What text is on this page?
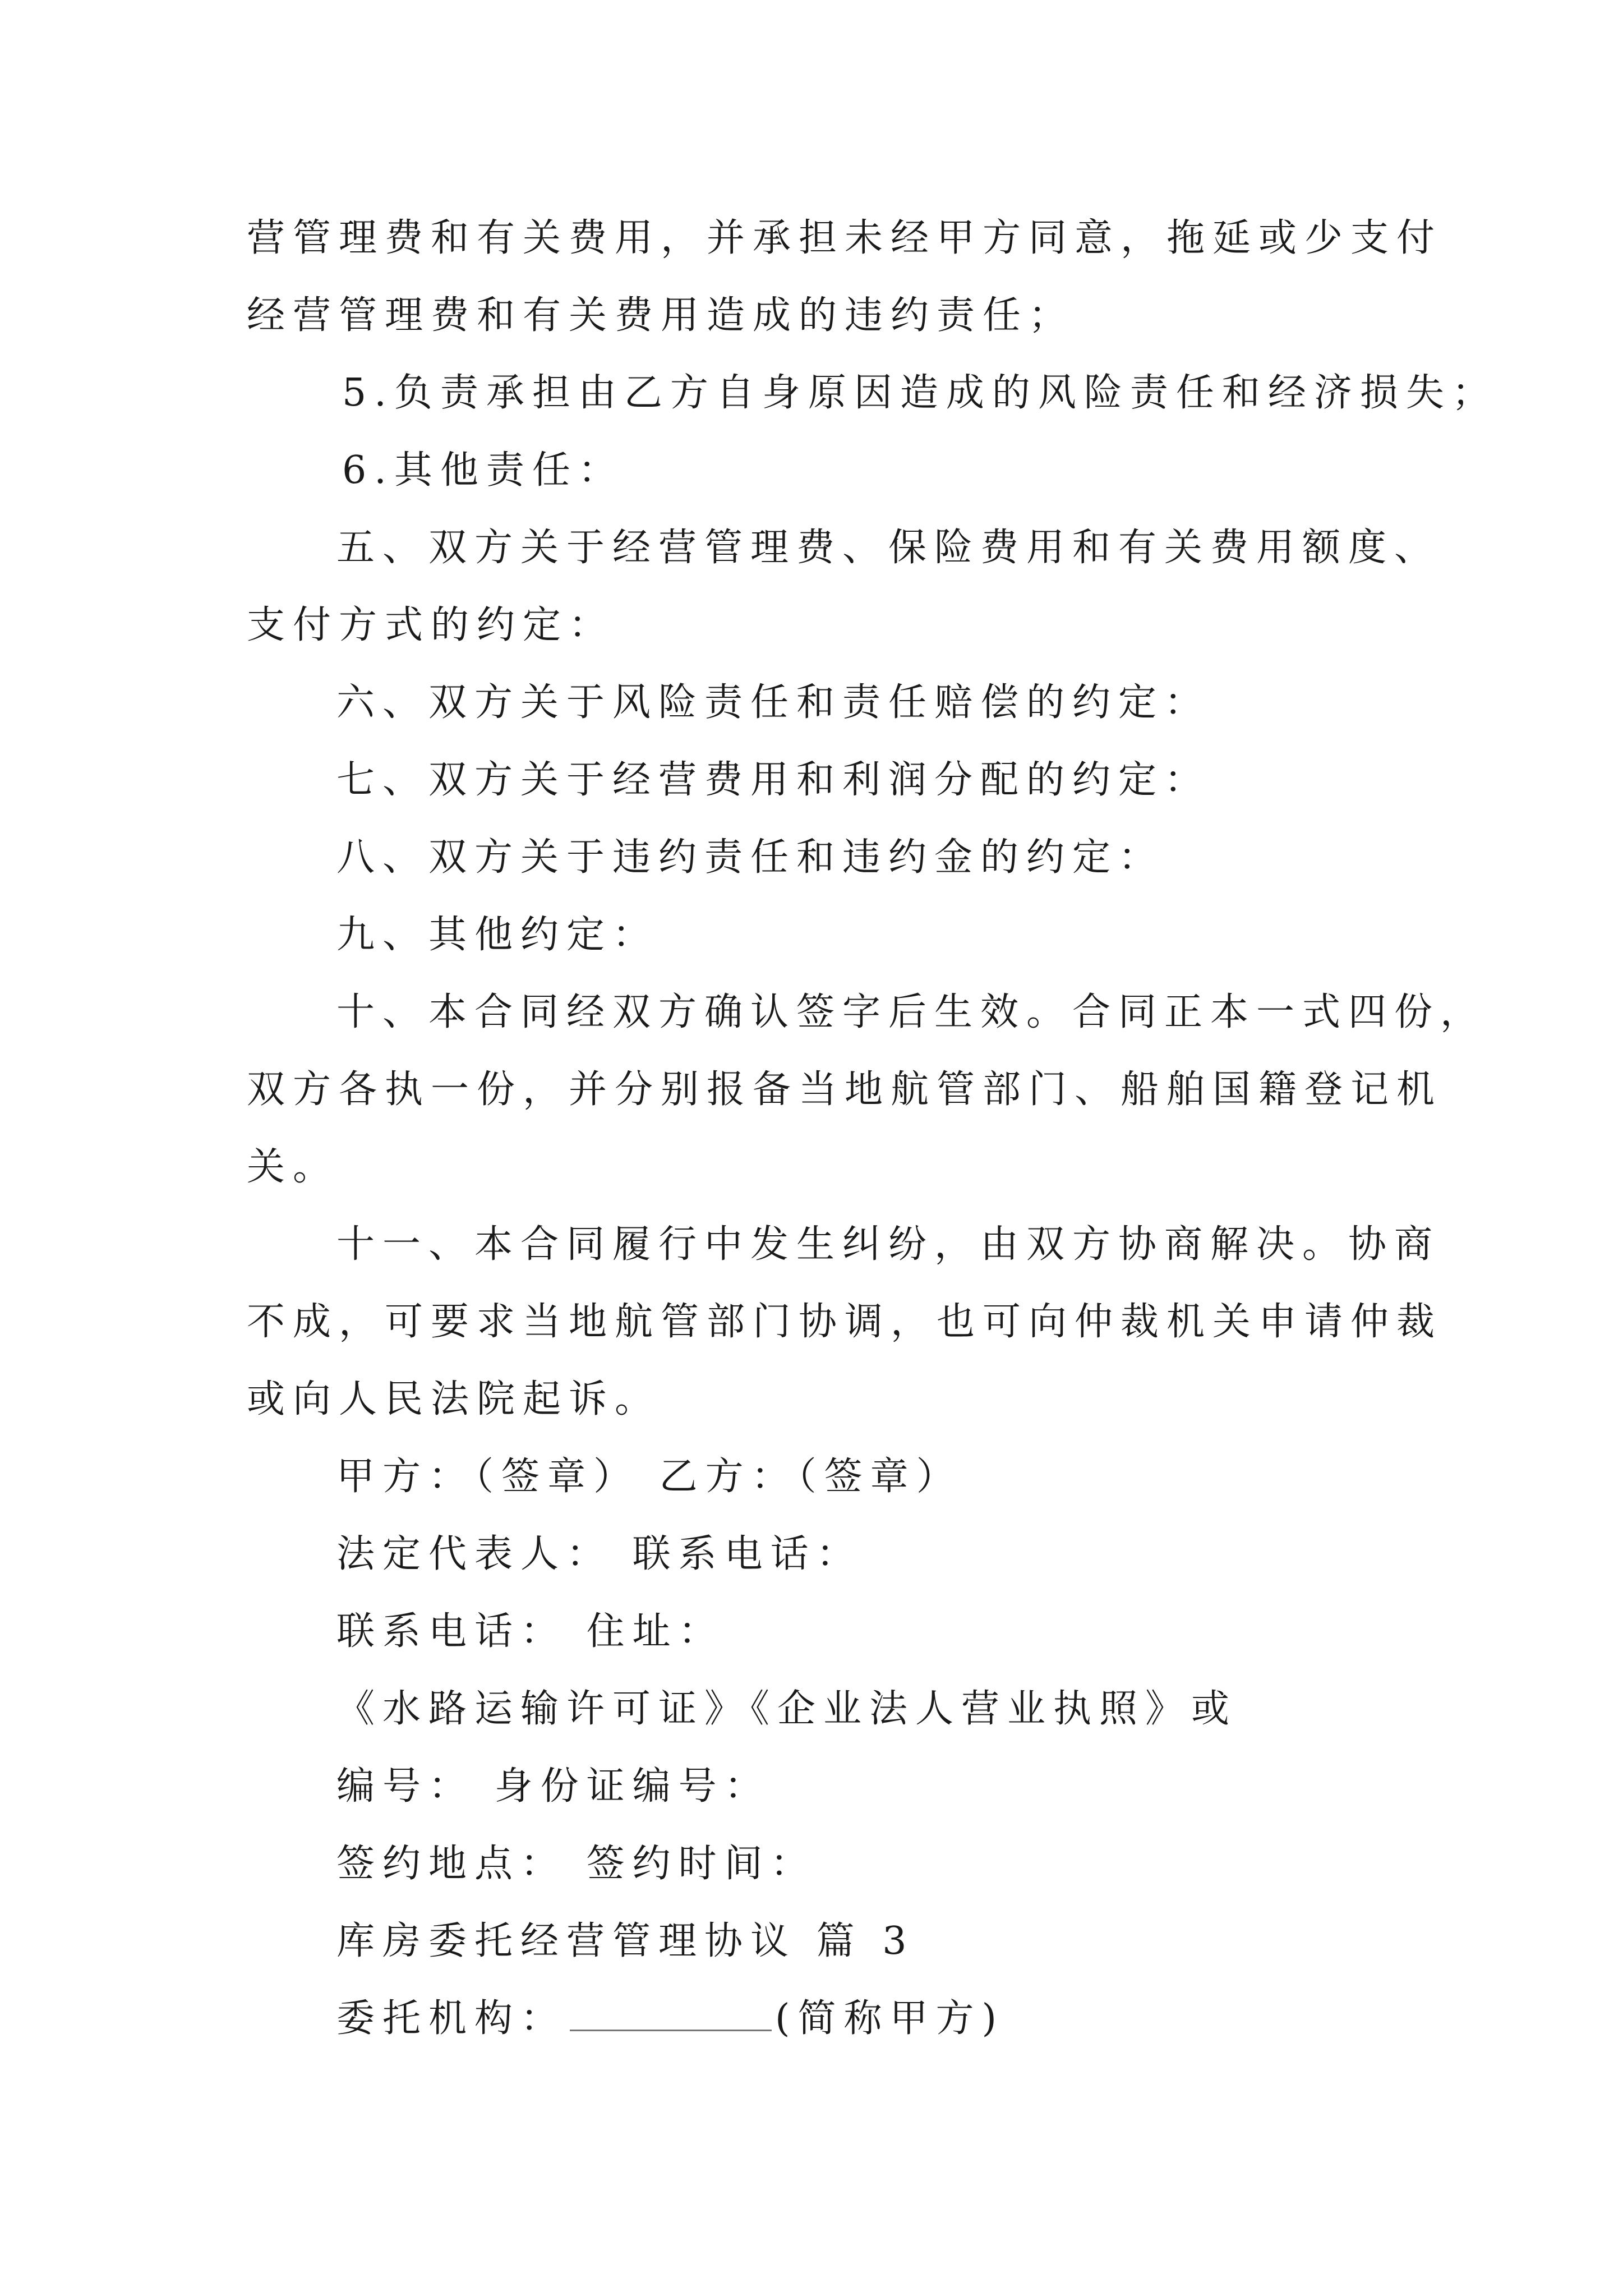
营管理费和有关费用，并承担未经甲方同意，拖延或少支付
经营管理费和有关费用造成的违约责任；
5.负责承担由乙方自身原因造成的风险责任和经济损失；
6.其他责任：
五、双方关于经营管理费、保险费用和有关费用额度、
支付方式的约定：
六、双方关于风险责任和责任赔偿的约定：
七、双方关于经营费用和利润分配的约定：
八、双方关于违约责任和违约金的约定：
九、其他约定：
十、本合同经双方确认签字后生效。合同正本一式四份，
双方各执一份，并分别报备当地航管部门、船舶国籍登记机
关。
十一、本合同履行中发生纠纷，由双方协商解决。协商
不成，可要求当地航管部门协调，也可向仲裁机关申请仲裁
或向人民法院起诉。
甲方：（签章） 乙方：（签章）
法定代表人： 联系电话：
联系电话： 住址：
《水路运输许可证》《企业法人营业执照》或
编号： 身份证编号：
签约地点： 签约时间：
库房委托经营管理协议 篇 3
委托机构：	(简称甲方)
